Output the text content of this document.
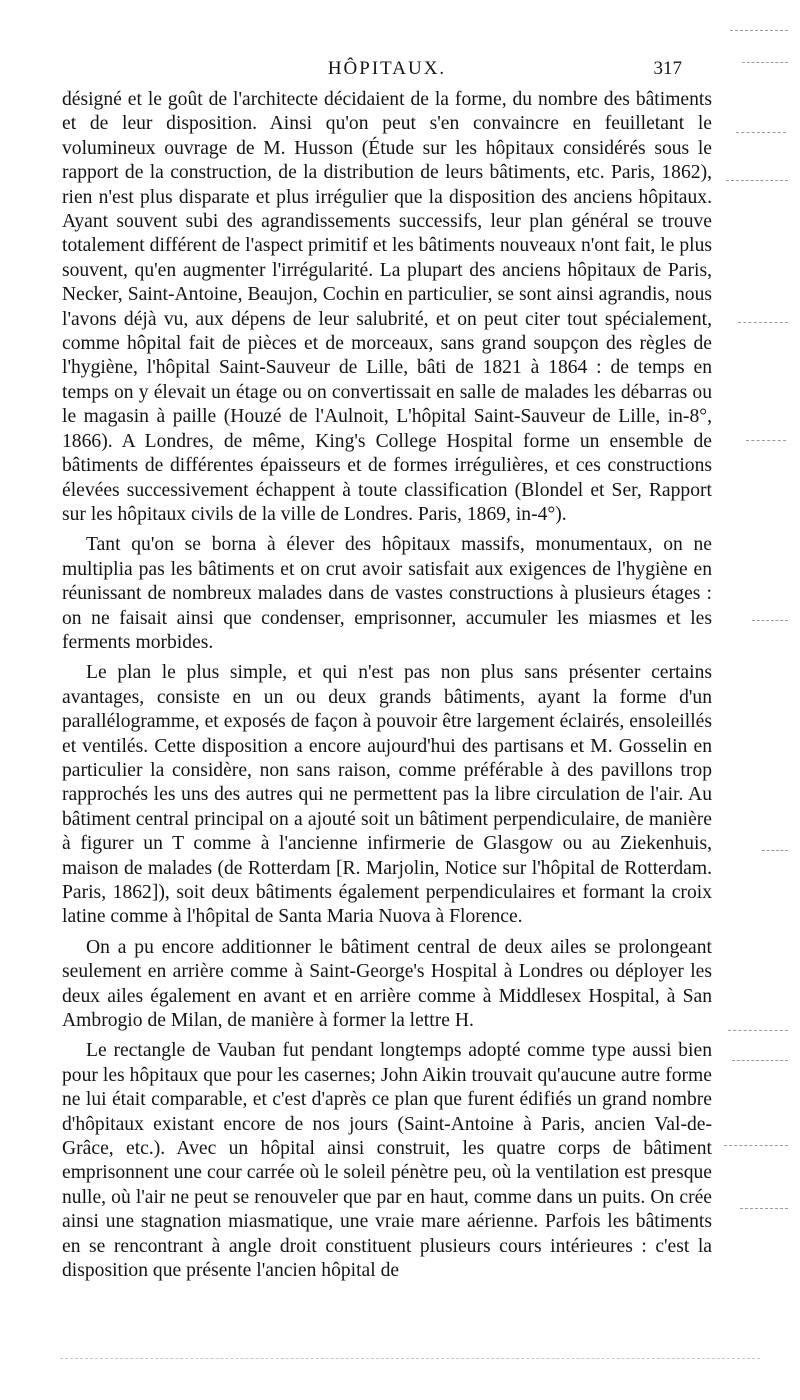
HÔPITAUX.	317

désigné et le goût de l'architecte décidaient de la forme, du nombre des bâtiments et de leur disposition. Ainsi qu'on peut s'en convaincre en feuilletant le volumineux ouvrage de M. Husson (Étude sur les hôpitaux considérés sous le rapport de la construction, de la distribution de leurs bâtiments, etc. Paris, 1862), rien n'est plus disparate et plus irrégulier que la disposition des anciens hôpitaux. Ayant souvent subi des agrandissements successifs, leur plan général se trouve totalement différent de l'aspect primitif et les bâtiments nouveaux n'ont fait, le plus souvent, qu'en augmenter l'irrégularité. La plupart des anciens hôpitaux de Paris, Necker, Saint-Antoine, Beaujon, Cochin en particulier, se sont ainsi agrandis, nous l'avons déjà vu, aux dépens de leur salubrité, et on peut citer tout spécialement, comme hôpital fait de pièces et de morceaux, sans grand soupçon des règles de l'hygiène, l'hôpital Saint-Sauveur de Lille, bâti de 1821 à 1864 : de temps en temps on y élevait un étage ou on convertissait en salle de malades les débarras ou le magasin à paille (Houzé de l'Aulnoit, L'hôpital Saint-Sauveur de Lille, in-8°, 1866). A Londres, de même, King's College Hospital forme un ensemble de bâtiments de différentes épaisseurs et de formes irrégulières, et ces constructions élevées successivement échappent à toute classification (Blondel et Ser, Rapport sur les hôpitaux civils de la ville de Londres. Paris, 1869, in-4°).

Tant qu'on se borna à élever des hôpitaux massifs, monumentaux, on ne multiplia pas les bâtiments et on crut avoir satisfait aux exigences de l'hygiène en réunissant de nombreux malades dans de vastes constructions à plusieurs étages : on ne faisait ainsi que condenser, emprisonner, accumuler les miasmes et les ferments morbides.

Le plan le plus simple, et qui n'est pas non plus sans présenter certains avantages, consiste en un ou deux grands bâtiments, ayant la forme d'un parallélogramme, et exposés de façon à pouvoir être largement éclairés, ensoleillés et ventilés. Cette disposition a encore aujourd'hui des partisans et M. Gosselin en particulier la considère, non sans raison, comme préférable à des pavillons trop rapprochés les uns des autres qui ne permettent pas la libre circulation de l'air. Au bâtiment central principal on a ajouté soit un bâtiment perpendiculaire, de manière à figurer un T comme à l'ancienne infirmerie de Glasgow ou au Ziekenhuis, maison de malades (de Rotterdam [R. Marjolin, Notice sur l'hôpital de Rotterdam. Paris, 1862]), soit deux bâtiments également perpendiculaires et formant la croix latine comme à l'hôpital de Santa Maria Nuova à Florence.

On a pu encore additionner le bâtiment central de deux ailes se prolongeant seulement en arrière comme à Saint-George's Hospital à Londres ou déployer les deux ailes également en avant et en arrière comme à Middlesex Hospital, à San Ambrogio de Milan, de manière à former la lettre H.

Le rectangle de Vauban fut pendant longtemps adopté comme type aussi bien pour les hôpitaux que pour les casernes; John Aikin trouvait qu'aucune autre forme ne lui était comparable, et c'est d'après ce plan que furent édifiés un grand nombre d'hôpitaux existant encore de nos jours (Saint-Antoine à Paris, ancien Val-de-Grâce, etc.). Avec un hôpital ainsi construit, les quatre corps de bâtiment emprisonnent une cour carrée où le soleil pénètre peu, où la ventilation est presque nulle, où l'air ne peut se renouveler que par en haut, comme dans un puits. On crée ainsi une stagnation miasmatique, une vraie mare aérienne. Parfois les bâtiments en se rencontrant à angle droit constituent plusieurs cours intérieures : c'est la disposition que présente l'ancien hôpital de
